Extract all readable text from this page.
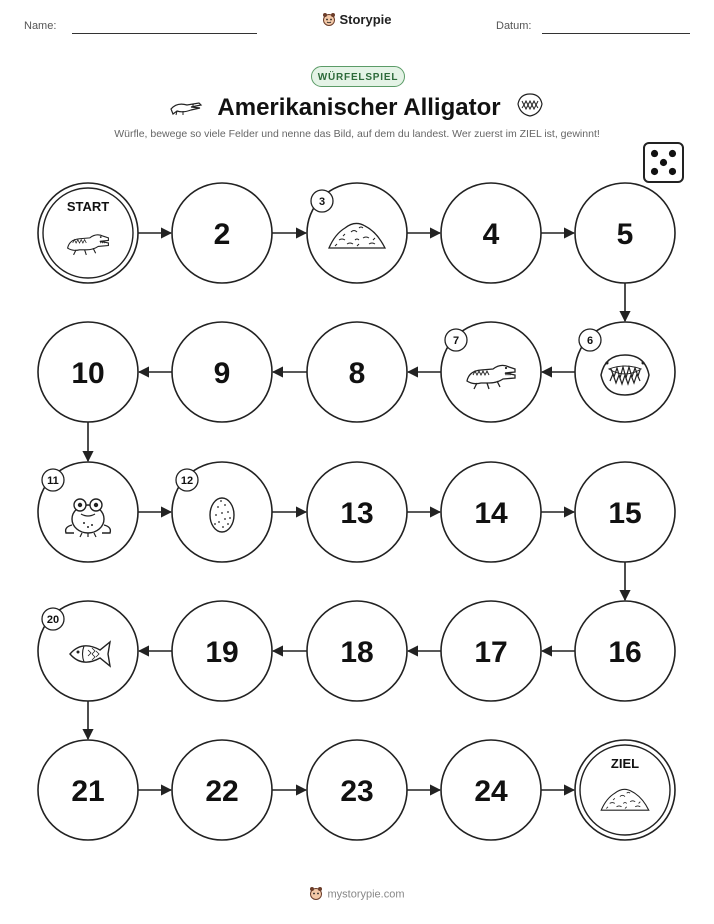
Name:	Storypie	Datum:
WÜRFELSPIEL
Amerikanischer Alligator
Würfle, bewege so viele Felder und nenne das Bild, auf dem du landest. Wer zuerst im ZIEL ist, gewinnt!
START
2
3
4	5
6
7
8
9
10
11	12
13	14	15
16
17
18
19
20
21	22	23	24
ZIEL
mystorypie.com
